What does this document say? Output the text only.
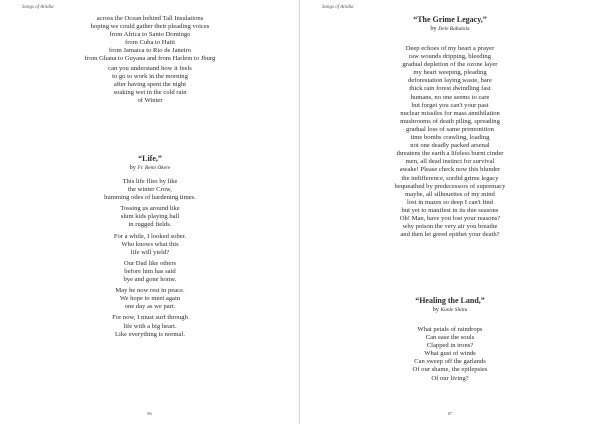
Songs of Anidia
across the Ocean behind Tall Insulations
hoping we could gather their pleading voices
from Africa to Santo Domingo
from Cuba to Haiti
from Jamaica to Rio de Janeiro
from Ghana to Guyana and from Harlem to Jburg
can you understand how it feels
to go to work in the morning
after having spent the night
soaking wet in the cold rain
of Winter
“Life,”
by Fr. Remi Okere
This life flies by like
the winter Crow,
humming odes of hardening times.
Tossing us around like
slum kids playing ball
in rugged fields.
For a while, I looked sober.
Who knows what this
life will yield?
Our Dad like others
before him has said
bye and gone home.
May he now rest in peace.
We hope to meet again
one day as we part.
For now, I must surf through
life with a big heart.
Like everything is normal.
86
Songs of Anidia
“The Grime Legacy,”
by Dele Babalola
Deep echoes of my heart a prayer
raw wounds dripping, bleeding
gradual depletion of the ozone layer
my heart weeping, pleading
deforestation laying waste, bare
thick rain forest dwindling fast
humans, no one seems to care
but forget you can't your past
nuclear missiles for mass annihilation
mushrooms of death piling, spreading
gradual loss of same premonition
time bombs crawling, loading
not one deadly packed arsenal
threatens the earth a lifeless burnt cinder
men, all dead instinct for survival
awake! Please check now this blunder
the indifference, sordid grime legacy
bequeathed by predecessors of supremacy
maybe, all silhouettes of my mind
lost in mazes so deep I can't find
but yet to manifest in its due seasons
Oh! Man, have you lost your reasons?
why poison the very air you breathe
and then let greed epithet your death?
“Healing the Land,”
by Kunle Shittu
What petals of raindrops
Can ease the souls
Clapped in irons?
What gust of winds
Can sweep off the garlands
Of our shame, the epilepsies
Of our living?
87
